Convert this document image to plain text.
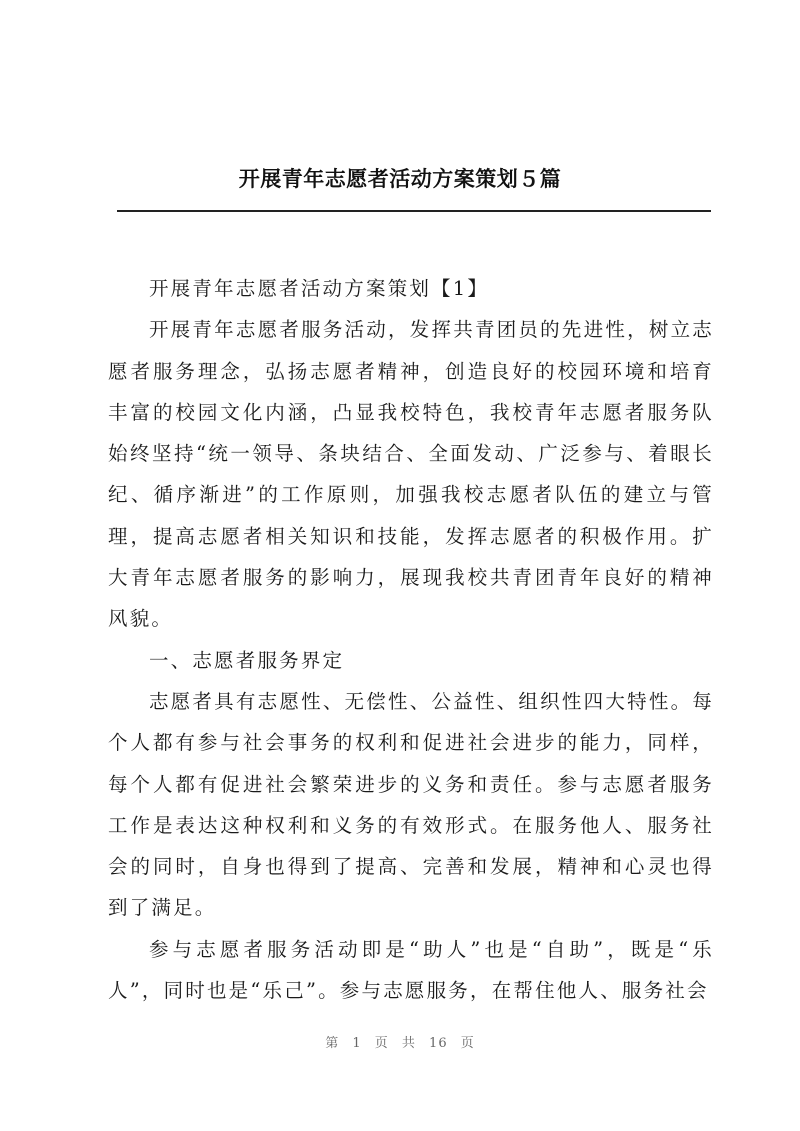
开展青年志愿者活动方案策划５篇

开展青年志愿者活动方案策划【1】

开展青年志愿者服务活动，发挥共青团员的先进性，树立志愿者服务理念，弘扬志愿者精神，创造良好的校园环境和培育丰富的校园文化内涵，凸显我校特色，我校青年志愿者服务队始终坚持“统一领导、条块结合、全面发动、广泛参与、着眼长纪、循序渐进”的工作原则，加强我校志愿者队伍的建立与管理，提高志愿者相关知识和技能，发挥志愿者的积极作用。扩大青年志愿者服务的影响力，展现我校共青团青年良好的精神风貌。

一、志愿者服务界定

志愿者具有志愿性、无偿性、公益性、组织性四大特性。每个人都有参与社会事务的权利和促进社会进步的能力，同样，每个人都有促进社会繁荣进步的义务和责任。参与志愿者服务工作是表达这种权利和义务的有效形式。在服务他人、服务社会的同时，自身也得到了提高、完善和发展，精神和心灵也得到了满足。

参与志愿者服务活动即是“助人”也是“自助”，既是“乐人”，同时也是“乐己”。参与志愿服务，在帮住他人、服务社会

第 1 页 共 16 页
